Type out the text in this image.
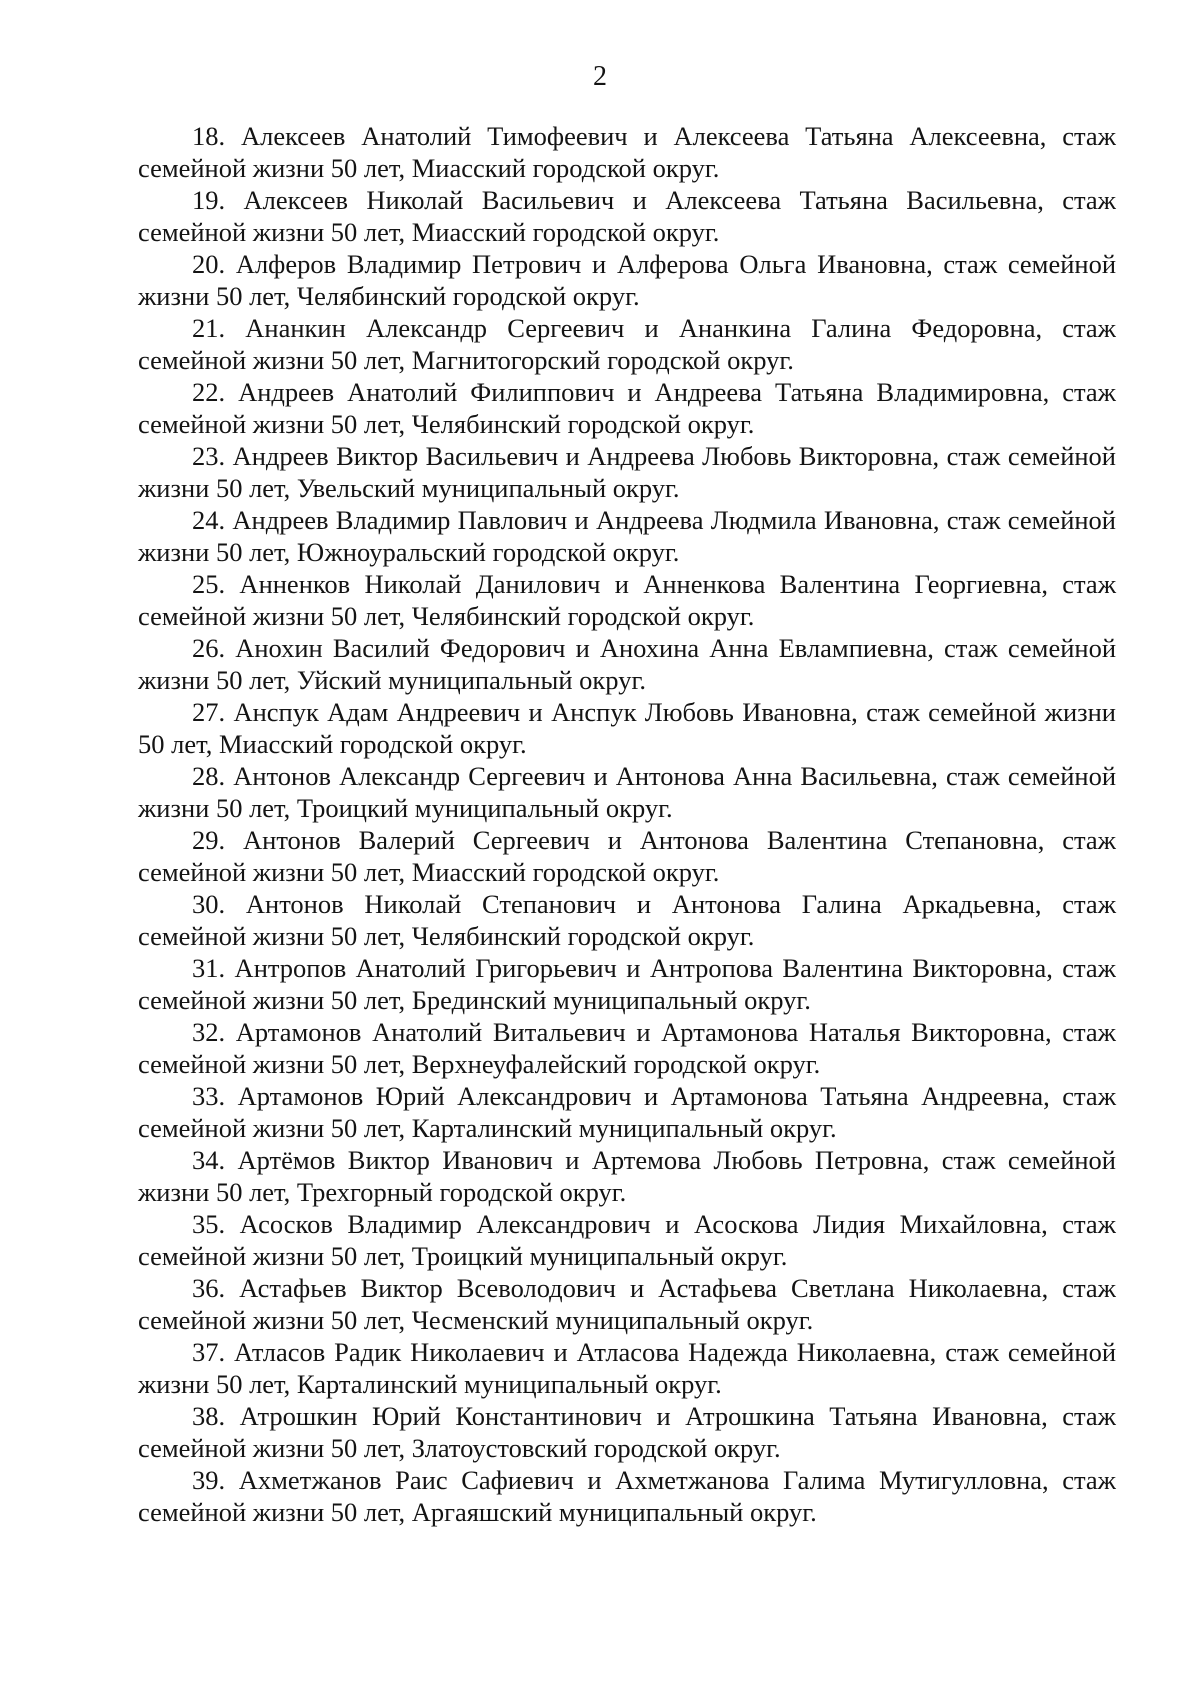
2

18. Алексеев Анатолий Тимофеевич и Алексеева Татьяна Алексеевна, стаж семейной жизни 50 лет, Миасский городской округ.

19. Алексеев Николай Васильевич и Алексеева Татьяна Васильевна, стаж семейной жизни 50 лет, Миасский городской округ.

20. Алферов Владимир Петрович и Алферова Ольга Ивановна, стаж семейной жизни 50 лет, Челябинский городской округ.

21. Ананкин Александр Сергеевич и Ананкина Галина Федоровна, стаж семейной жизни 50 лет, Магнитогорский городской округ.

22. Андреев Анатолий Филиппович и Андреева Татьяна Владимировна, стаж семейной жизни 50 лет, Челябинский городской округ.

23. Андреев Виктор Васильевич и Андреева Любовь Викторовна, стаж семейной жизни 50 лет, Увельский муниципальный округ.

24. Андреев Владимир Павлович и Андреева Людмила Ивановна, стаж семейной жизни 50 лет, Южноуральский городской округ.

25. Анненков Николай Данилович и Анненкова Валентина Георгиевна, стаж семейной жизни 50 лет, Челябинский городской округ.

26. Анохин Василий Федорович и Анохина Анна Евлампиевна, стаж семейной жизни 50 лет, Уйский муниципальный округ.

27. Анспук Адам Андреевич и Анспук Любовь Ивановна, стаж семейной жизни 50 лет, Миасский городской округ.

28. Антонов Александр Сергеевич и Антонова Анна Васильевна, стаж семейной жизни 50 лет, Троицкий муниципальный округ.

29. Антонов Валерий Сергеевич и Антонова Валентина Степановна, стаж семейной жизни 50 лет, Миасский городской округ.

30. Антонов Николай Степанович и Антонова Галина Аркадьевна, стаж семейной жизни 50 лет, Челябинский городской округ.

31. Антропов Анатолий Григорьевич и Антропова Валентина Викторовна, стаж семейной жизни 50 лет, Брединский муниципальный округ.

32. Артамонов Анатолий Витальевич и Артамонова Наталья Викторовна, стаж семейной жизни 50 лет, Верхнеуфалейский городской округ.

33. Артамонов Юрий Александрович и Артамонова Татьяна Андреевна, стаж семейной жизни 50 лет, Карталинский муниципальный округ.

34. Артёмов Виктор Иванович и Артемова Любовь Петровна, стаж семейной жизни 50 лет, Трехгорный городской округ.

35. Асосков Владимир Александрович и Асоскова Лидия Михайловна, стаж семейной жизни 50 лет, Троицкий муниципальный округ.

36. Астафьев Виктор Всеволодович и Астафьева Светлана Николаевна, стаж семейной жизни 50 лет, Чесменский муниципальный округ.

37. Атласов Радик Николаевич и Атласова Надежда Николаевна, стаж семейной жизни 50 лет, Карталинский муниципальный округ.

38. Атрошкин Юрий Константинович и Атрошкина Татьяна Ивановна, стаж семейной жизни 50 лет, Златоустовский городской округ.

39. Ахметжанов Раис Сафиевич и Ахметжанова Галима Мутигулловна, стаж семейной жизни 50 лет, Аргаяшский муниципальный округ.
